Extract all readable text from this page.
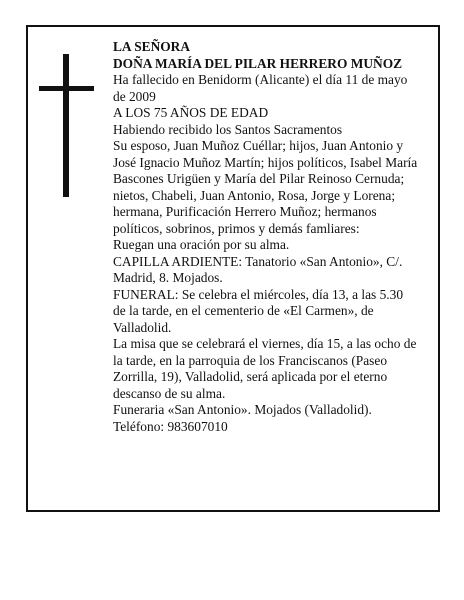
LA SEÑORA

DOÑA MARÍA DEL PILAR HERRERO MUÑOZ

Ha fallecido en Benidorm (Alicante) el día 11 de mayo de 2009

A LOS 75 AÑOS DE EDAD

Habiendo recibido los Santos Sacramentos

Su esposo, Juan Muñoz Cuéllar; hijos, Juan Antonio y José Ignacio Muñoz Martín; hijos políticos, Isabel María Bascones Urigüen y María del Pilar Reinoso Cernuda; nietos, Chabeli, Juan Antonio, Rosa, Jorge y Lorena; hermana, Purificación Herrero Muñoz; hermanos políticos, sobrinos, primos y demás famliares:

Ruegan una oración por su alma.

CAPILLA ARDIENTE: Tanatorio «San Antonio», C/. Madrid, 8. Mojados.

FUNERAL: Se celebra el miércoles, día 13, a las 5.30 de la tarde, en el cementerio de «El Carmen», de Valladolid.

La misa que se celebrará el viernes, día 15, a las ocho de la tarde, en la parroquia de los Franciscanos (Paseo Zorrilla, 19), Valladolid, será aplicada por el eterno descanso de su alma.

Funeraria «San Antonio». Mojados (Valladolid).

Teléfono: 983607010
